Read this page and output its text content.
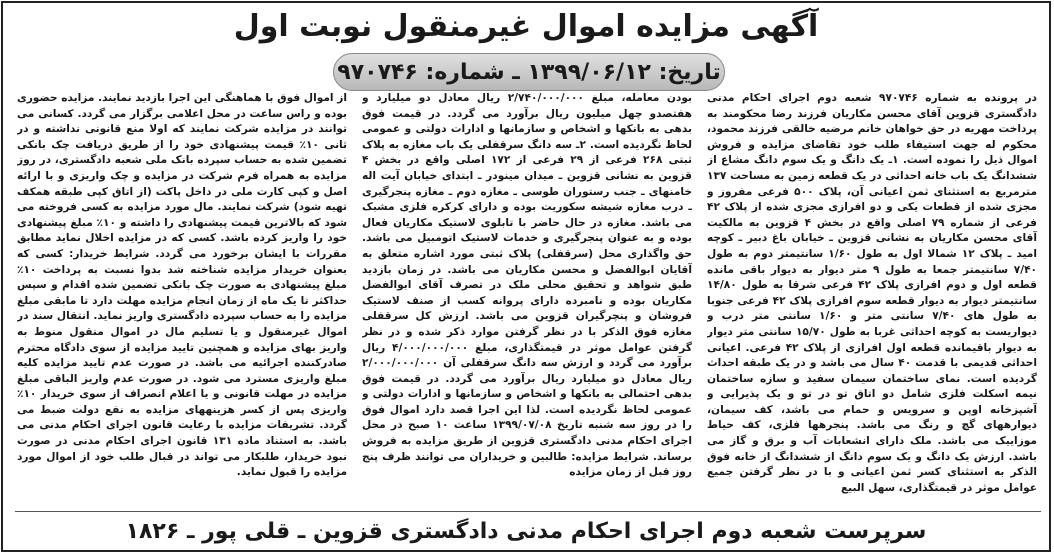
آگهی مزایده اموال غیرمنقول نوبت اول
تاریخ: ۱۳۹۹/۰۶/۱۲ ـ شماره: ۹۷۰۷۴۶

در پرونده به شماره ۹۷۰۷۴۶ شعبه دوم اجرای احکام مدنی دادگستری قزوین آقای محسن مکاریان فرزند رضا محکومند به پرداخت مهریه در حق خواهان خانم مرضیه خالقی فرزند محمود، محکوم له جهت استیفاء طلب خود تقاضای مزایده و فروش اموال ذیل را نموده است. ۱ـ یک دانگ و یک سوم دانگ مشاع از ششدانگ یک باب خانه احداثی در یک قطعه زمین به مساحت ۱۳۷ مترمربع به استثنای ثمن اعیانی آن، پلاک ۵۰۰ فرعی مفروز و مجزی شده از قطعات یکی و دو افرازی مجزی شده از پلاک ۴۲ فرعی از شماره ۷۹ اصلی واقع در بخش ۴ قزوین به مالکیت آقای محسن مکاریان به نشانی قزوین ـ خیابان باغ دبیر ـ کوچه امید ـ پلاک ۱۲ شمالا اول به طول ۱/۶۰ سانتیمتر دوم به طول ۷/۴۰ سانتیمتر جمعا به طول ۹ متر دیوار به دیوار باقی مانده قطعه اول و دوم افرازی پلاک ۴۲ فرعی شرقا به طول ۱۴/۸۰ سانتیمتر دیوار به دیوار قطعه سوم افرازی پلاک ۴۲ فرعی جنوبا به طول های ۷/۴۰ سانتی متر و ۱/۶۰ سانتی متر درب و دیواریست به کوچه احداثی غربا به طول ۱۵/۷۰ سانتی متر دیوار به دیوار باقیمانده قطعه اول افرازی از پلاک ۴۲ فرعی. اعیانی احداثی قدیمی با قدمت ۴۰ سال می باشد و در یک طبقه احداث گردیده است. نمای ساختمان سیمان سفید و سازه ساختمان نیمه اسکلت فلزی شامل دو اتاق تو در تو و یک پذیرایی و آشپزخانه اوپن و سرویس و حمام می باشد، کف سیمان، دیوارههای گچ و رنگ می باشد. پنجرهها فلزی، کف حیاط موزاییک می باشد. ملک دارای انشعابات آب و برق و گاز می باشد. ارزش یک دانگ و یک سوم دانگ از ششدانگ از خانه فوق الذکر به استثنای کسر ثمن اعیانی و با در نظر گرفتن جمیع عوامل موثر در قیمتگذاری، سهل البیع

بودن معامله، مبلغ ۲/۷۴۰/۰۰۰/۰۰۰ ریال معادل دو میلیارد و هفتصدو چهل میلیون ریال برآورد می گردد. در قیمت فوق بدهی به بانکها و اشخاص و سازمانها و ادارات دولتی و عمومی لحاظ نگردیده است. ۲ـ سه دانگ سرقفلی یک باب مغازه به پلاک ثبتی ۲۶۸ فرعی از ۲۹ فرعی از ۱۷۲ اصلی واقع در بخش ۴ قزوین به نشانی قزوین ـ میدان مینودر ـ ابتدای خیابان آیت اله خامنهای ـ جنب رستوران طوسی ـ مغازه دوم ـ مغازه پنجرگیری ـ درب مغازه شیشه سکوریت بوده و دارای کرکره فلزی مشبک می باشد. مغازه در حال حاضر با تابلوی لاستیک مکاریان فعال بوده و به عنوان پنجرگیری و خدمات لاستیک اتومبیل می باشد. حق واگذاری محل (سرقفلی) پلاک ثبتی مورد اشاره متعلق به آقایان ابوالفضل و محسن مکاریان می باشد. در زمان بازدید طبق شواهد و تحقیق محلی ملک در تصرف آقای ابوالفضل مکاریان بوده و نامبرده دارای پروانه کسب از صنف لاستیک فروشان و پنچرگیران قزوین می باشد. ارزش کل سرقفلی مغازه فوق الذکر با در نظر گرفتن موارد ذکر شده و در نظر گرفتن عوامل موثر در قیمتگذاری، مبلغ ۴/۰۰۰/۰۰۰/۰۰۰ ریال برآورد می گردد و ارزش سه دانگ سرقفلی آن ۲/۰۰۰/۰۰۰/۰۰۰ ریال معادل دو میلیارد ریال برآورد می گردد. در قیمت فوق بدهی احتمالی به بانکها و اشخاص و سازمانها و ادارات دولتی و عمومی لحاظ نگردیده است. لذا این اجرا قصد دارد اموال فوق را در روز سه شنبه تاریخ ۱۳۹۹/۰۷/۰۸ ساعت ۱۰ صبح در محل اجرای احکام مدنی دادگستری قزوین از طریق مزایده به فروش برساند. شرایط مزایده: طالبین و خریداران می توانند ظرف پنج روز قبل از زمان مزایده

از اموال فوق با هماهنگی این اجرا بازدید نمایند. مزایده حضوری بوده و راس ساعت در محل اعلامی برگزار می گردد. کسانی می توانند در مزایده شرکت نمایند که اولا منع قانونی نداشته و در ثانی ۱۰٪ قیمت پیشنهادی خود را از طریق دریافت چک بانکی تضمین شده به حساب سپرده بانک ملی شعبه دادگستری، در روز مزایده به همراه فرم شرکت در مزایده و چک واریزی و با ارائه اصل و کپی کارت ملی در داخل پاکت (از اتاق کپی طبقه همکف تهیه شود) شرکت نمایند. مال مورد مزایده به کسی فروخته می شود که بالاترین قیمت پیشنهادی را داشته و ۱۰٪ مبلغ پیشنهادی خود را واریز کرده باشد. کسی که در مزایده اخلال نماید مطابق مقررات با ایشان برخورد می گردد. شرایط خریدار: کسی که بعنوان خریدار مزایده شناخته شد بدوا نسبت به پرداخت ۱۰٪ مبلغ پیشنهادی به صورت چک بانکی تضمین شده اقدام و سپس حداکثر تا یک ماه از زمان انجام مزایده مهلت دارد تا مابقی مبلغ مزایده را به حساب سپرده دادگستری واریز نماید. انتقال سند در اموال غیرمنقول و یا تسلیم مال در اموال منقول منوط به واریز بهای مزایده و همچنین تایید مزایده از سوی دادگاه محترم صادرکننده اجرائیه می باشد. در صورت عدم تایید مزایده کلیه مبلغ واریزی مسترد می شود. در صورت عدم واریز الباقی مبلغ مزایده در مهلت قانونی و یا اعلام انصراف از سوی خریدار ۱۰٪ واریزی پس از کسر هزینههای مزایده به نفع دولت ضبط می گردد. تشریفات مزایده با رعایت قانون اجرای احکام مدنی می باشد. به استناد ماده ۱۳۱ قانون اجرای احکام مدنی در صورت نبود خریدار، طلبکار می تواند در قبال طلب خود از اموال مورد مزایده را قبول نماید.

سرپرست شعبه دوم اجرای احکام مدنی دادگستری قزوین ـ قلی پور ـ ۱۸۲۶
